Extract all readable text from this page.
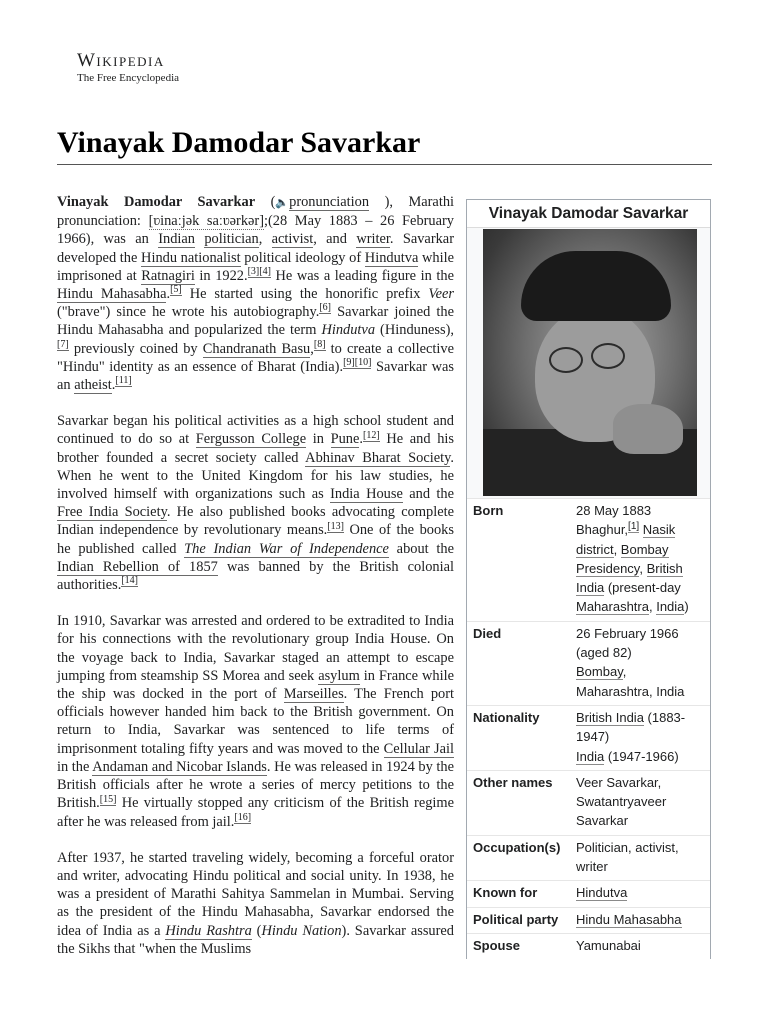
Wikipedia
The Free Encyclopedia
Vinayak Damodar Savarkar

Vinayak Damodar Savarkar (🔈pronunciation ), Marathi pronunciation: [ʋinaːjək saːʋərkər];(28 May 1883 – 26 February 1966), was an Indian politician, activist, and writer. Savarkar developed the Hindu nationalist political ideology of Hindutva while imprisoned at Ratnagiri in 1922.[3][4] He was a leading figure in the Hindu Mahasabha.[5] He started using the honorific prefix Veer ("brave") since he wrote his autobiography.[6] Savarkar joined the Hindu Mahasabha and popularized the term Hindutva (Hinduness),[7] previously coined by Chandranath Basu,[8] to create a collective "Hindu" identity as an essence of Bharat (India).[9][10] Savarkar was an atheist.[11]

Savarkar began his political activities as a high school student and continued to do so at Fergusson College in Pune.[12] He and his brother founded a secret society called Abhinav Bharat Society. When he went to the United Kingdom for his law studies, he involved himself with organizations such as India House and the Free India Society. He also published books advocating complete Indian independence by revolutionary means.[13] One of the books he published called The Indian War of Independence about the Indian Rebellion of 1857 was banned by the British colonial authorities.[14]

In 1910, Savarkar was arrested and ordered to be extradited to India for his connections with the revolutionary group India House. On the voyage back to India, Savarkar staged an attempt to escape jumping from steamship SS Morea and seek asylum in France while the ship was docked in the port of Marseilles. The French port officials however handed him back to the British government. On return to India, Savarkar was sentenced to life terms of imprisonment totaling fifty years and was moved to the Cellular Jail in the Andaman and Nicobar Islands. He was released in 1924 by the British officials after he wrote a series of mercy petitions to the British.[15] He virtually stopped any criticism of the British regime after he was released from jail.[16]

After 1937, he started traveling widely, becoming a forceful orator and writer, advocating Hindu political and social unity. In 1938, he was a president of Marathi Sahitya Sammelan in Mumbai. Serving as the president of the Hindu Mahasabha, Savarkar endorsed the idea of India as a Hindu Rashtra (Hindu Nation). Savarkar assured the Sikhs that "when the Muslims

Vinayak Damodar Savarkar
Born	28 May 1883
Bhaghur,[1] Nasik district, Bombay Presidency, British India (present-day Maharashtra, India)
Died	26 February 1966
(aged 82)
Bombay,
Maharashtra, India
Nationality	British India (1883-1947)
India (1947-1966)
Other names	Veer Savarkar, Swatantryaveer Savarkar
Occupation(s)	Politician, activist, writer
Known for	Hindutva
Political party	Hindu Mahasabha
Spouse	Yamunabai
